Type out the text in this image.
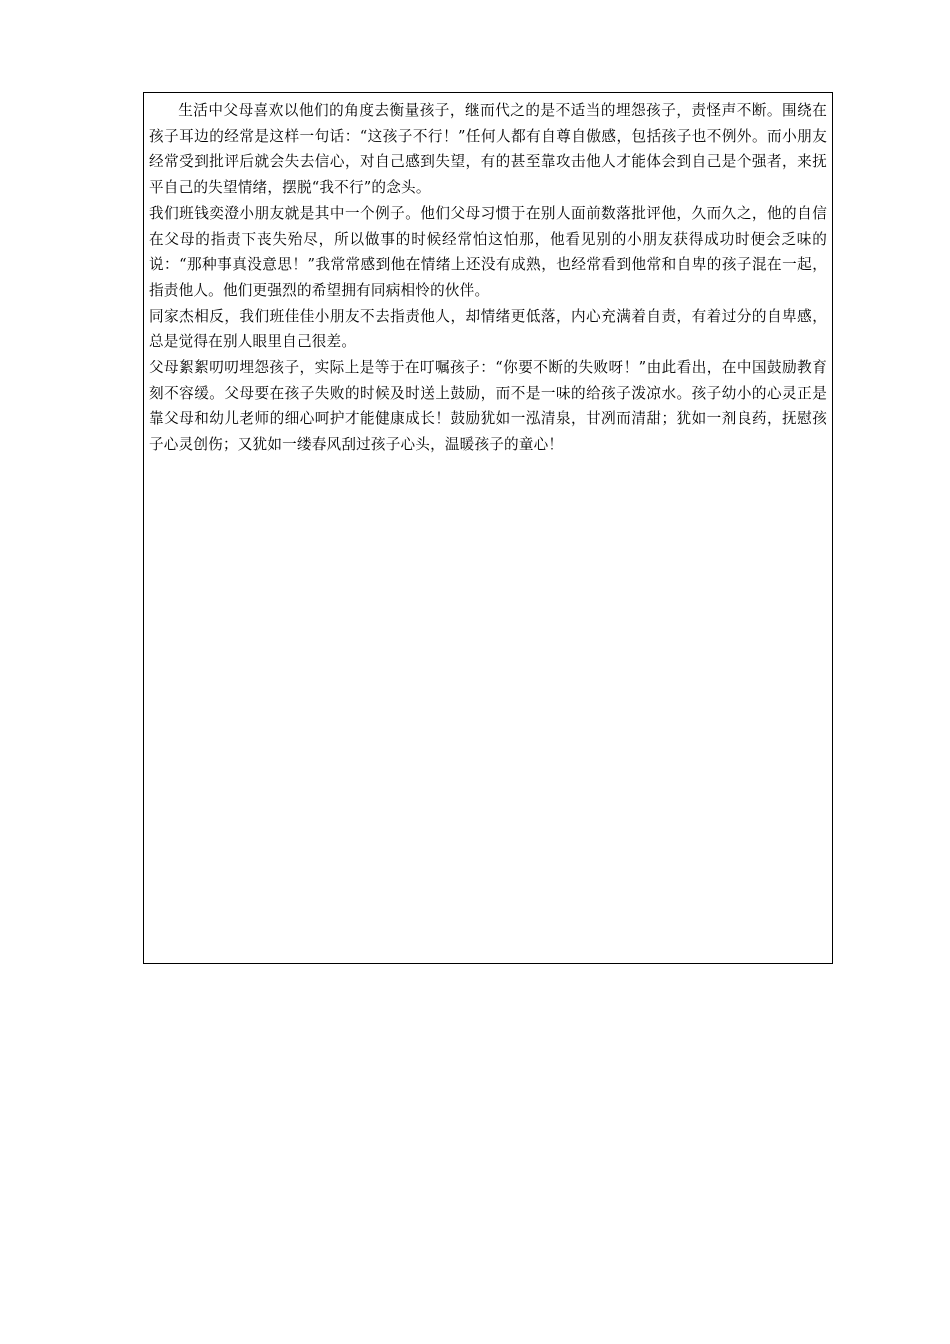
生活中父母喜欢以他们的角度去衡量孩子，继而代之的是不适当的埋怨孩子，责怪声不断。围绕在孩子耳边的经常是这样一句话：“这孩子不行！”任何人都有自尊自傲感，包括孩子也不例外。而小朋友经常受到批评后就会失去信心，对自己感到失望，有的甚至靠攻击他人才能体会到自己是个强者，来抚平自己的失望情绪，摆脱“我不行”的念头。

我们班钱奕澄小朋友就是其中一个例子。他们父母习惯于在别人面前数落批评他，久而久之，他的自信在父母的指责下丧失殆尽，所以做事的时候经常怕这怕那，他看见别的小朋友获得成功时便会乏味的说：“那种事真没意思！”我常常感到他在情绪上还没有成熟，也经常看到他常和自卑的孩子混在一起，指责他人。他们更强烈的希望拥有同病相怜的伙伴。

同家杰相反，我们班佳佳小朋友不去指责他人，却情绪更低落，内心充满着自责，有着过分的自卑感，总是觉得在别人眼里自己很差。

父母絮絮叨叨埋怨孩子，实际上是等于在叮嘱孩子：“你要不断的失败呀！”由此看出，在中国鼓励教育刻不容缓。父母要在孩子失败的时候及时送上鼓励，而不是一味的给孩子泼凉水。孩子幼小的心灵正是靠父母和幼儿老师的细心呵护才能健康成长！鼓励犹如一泓清泉，甘冽而清甜；犹如一剂良药，抚慰孩子心灵创伤；又犹如一缕春风刮过孩子心头，温暖孩子的童心！
